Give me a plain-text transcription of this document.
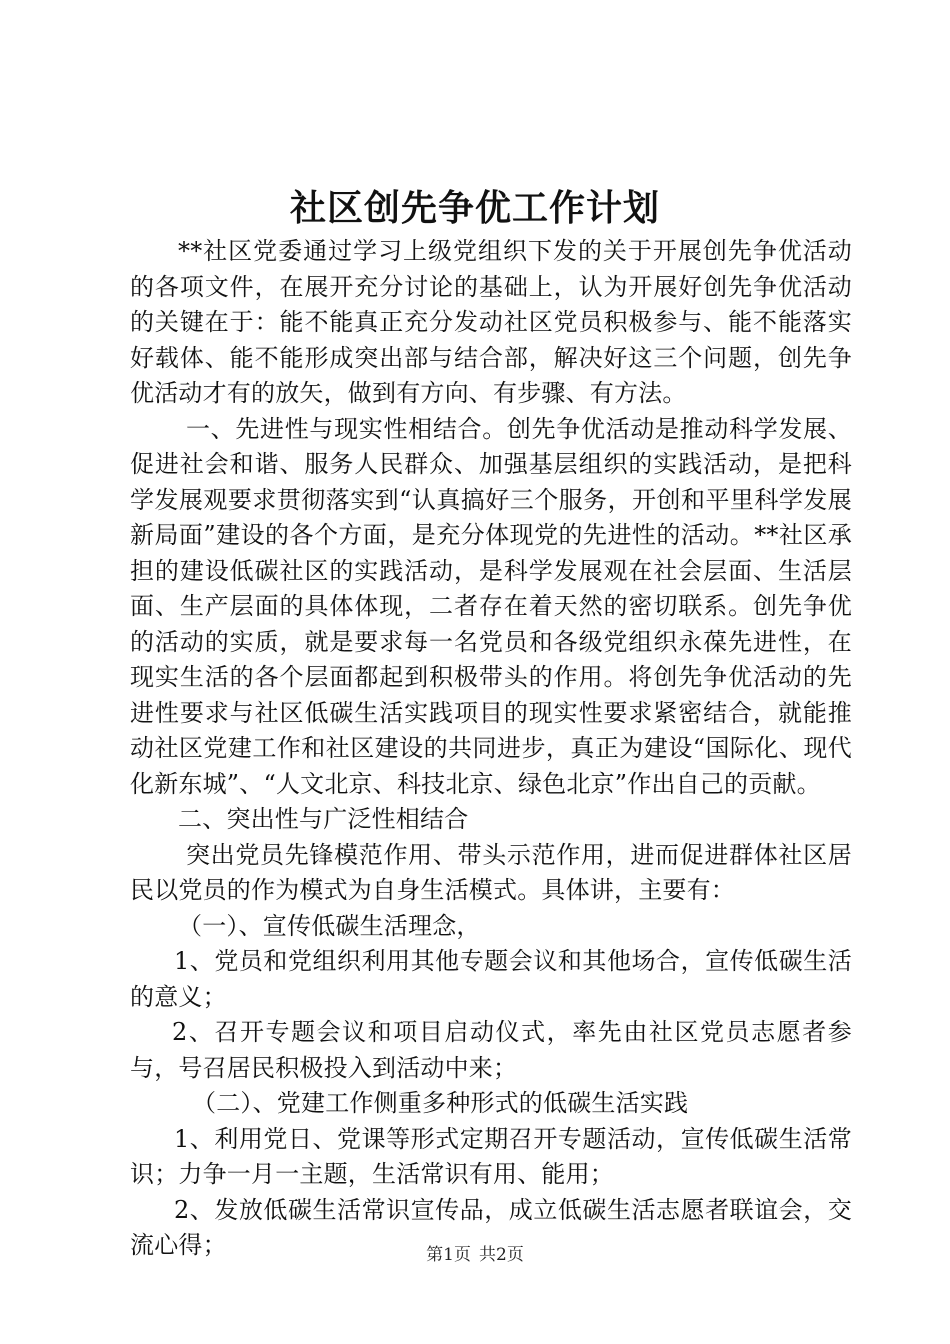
社区创先争优工作计划

**社区党委通过学习上级党组织下发的关于开展创先争优活动的各项文件，在展开充分讨论的基础上，认为开展好创先争优活动的关键在于：能不能真正充分发动社区党员积极参与、能不能落实好载体、能不能形成突出部与结合部，解决好这三个问题，创先争优活动才有的放矢，做到有方向、有步骤、有方法。

一、先进性与现实性相结合。创先争优活动是推动科学发展、促进社会和谐、服务人民群众、加强基层组织的实践活动，是把科学发展观要求贯彻落实到“认真搞好三个服务，开创和平里科学发展新局面”建设的各个方面，是充分体现党的先进性的活动。**社区承担的建设低碳社区的实践活动，是科学发展观在社会层面、生活层面、生产层面的具体体现，二者存在着天然的密切联系。创先争优的活动的实质，就是要求每一名党员和各级党组织永葆先进性，在现实生活的各个层面都起到积极带头的作用。将创先争优活动的先进性要求与社区低碳生活实践项目的现实性要求紧密结合，就能推动社区党建工作和社区建设的共同进步，真正为建设“国际化、现代化新东城”、“人文北京、科技北京、绿色北京”作出自己的贡献。

二、突出性与广泛性相结合

突出党员先锋模范作用、带头示范作用，进而促进群体社区居民以党员的作为模式为自身生活模式。具体讲，主要有：

（一）、宣传低碳生活理念，

1、党员和党组织利用其他专题会议和其他场合，宣传低碳生活的意义；

2、召开专题会议和项目启动仪式，率先由社区党员志愿者参与，号召居民积极投入到活动中来；

（二）、党建工作侧重多种形式的低碳生活实践

1、利用党日、党课等形式定期召开专题活动，宣传低碳生活常识；力争一月一主题，生活常识有用、能用；

2、发放低碳生活常识宣传品，成立低碳生活志愿者联谊会，交流心得；	第1页 共2页
